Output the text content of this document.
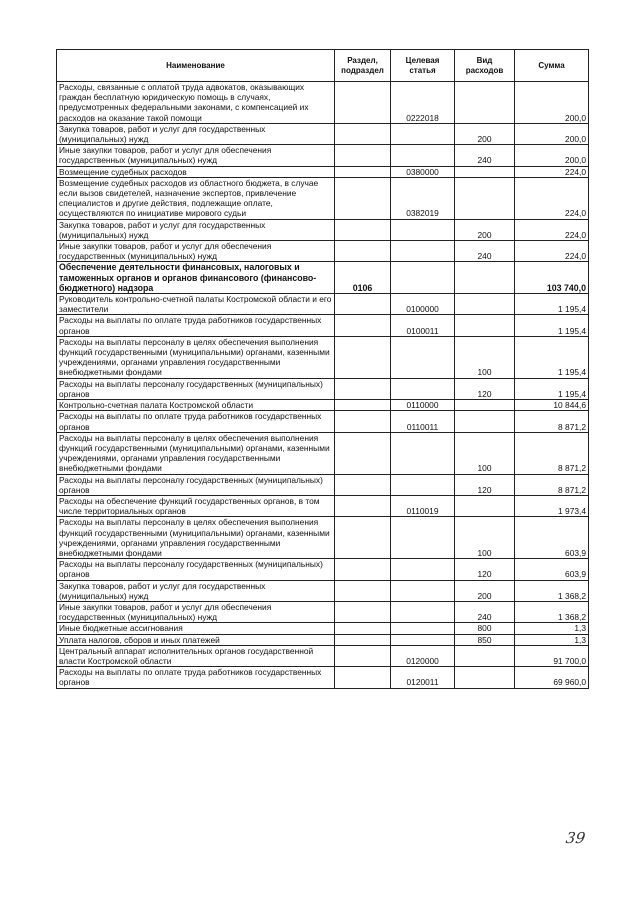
Наименование	Раздел, подраздел	Целевая статья	Вид расходов	Сумма
Расходы, связанные с оплатой труда адвокатов, оказывающих граждан бесплатную юридическую помощь в случаях, предусмотренных федеральными законами, с компенсацией их расходов на оказание такой помощи		0222018		200,0
Закупка товаров, работ и услуг для государственных (муниципальных) нужд			200	200,0
Иные закупки товаров, работ и услуг для обеспечения государственных (муниципальных) нужд			240	200,0
Возмещение судебных расходов		0380000		224,0
Возмещение судебных расходов из областного бюджета, в случае если вызов свидетелей, назначение экспертов, привлечение специалистов и другие действия, подлежащие оплате, осуществляются по инициативе мирового судьи		0382019		224,0
Закупка товаров, работ и услуг для государственных (муниципальных) нужд			200	224,0
Иные закупки товаров, работ и услуг для обеспечения государственных (муниципальных) нужд			240	224,0
Обеспечение деятельности финансовых, налоговых и таможенных органов и органов финансового (финансово-бюджетного) надзора	0106			103 740,0
Руководитель контрольно-счетной палаты Костромской области и его заместители		0100000		1 195,4
Расходы на выплаты по оплате труда работников государственных органов		0100011		1 195,4
Расходы на выплаты персоналу в целях обеспечения выполнения функций государственными (муниципальными) органами, казенными учреждениями, органами управления государственными внебюджетными фондами			100	1 195,4
Расходы на выплаты персоналу государственных (муниципальных) органов			120	1 195,4
Контрольно-счетная палата Костромской области		0110000		10 844,6
Расходы на выплаты по оплате труда работников государственных органов		0110011		8 871,2
Расходы на выплаты персоналу в целях обеспечения выполнения функций государственными (муниципальными) органами, казенными учреждениями, органами управления государственными внебюджетными фондами			100	8 871,2
Расходы на выплаты персоналу государственных (муниципальных) органов			120	8 871,2
Расходы на обеспечение функций государственных органов, в том числе территориальных органов		0110019		1 973,4
Расходы на выплаты персоналу в целях обеспечения выполнения функций государственными (муниципальными) органами, казенными учреждениями, органами управления государственными внебюджетными фондами			100	603,9
Расходы на выплаты персоналу государственных (муниципальных) органов			120	603,9
Закупка товаров, работ и услуг для государственных (муниципальных) нужд			200	1 368,2
Иные закупки товаров, работ и услуг для обеспечения государственных (муниципальных) нужд			240	1 368,2
Иные бюджетные ассигнования			800	1,3
Уплата налогов, сборов и иных платежей			850	1,3
Центральный аппарат исполнительных органов государственной власти Костромской области		0120000		91 700,0
Расходы на выплаты по оплате труда работников государственных органов		0120011		69 960,0
39
